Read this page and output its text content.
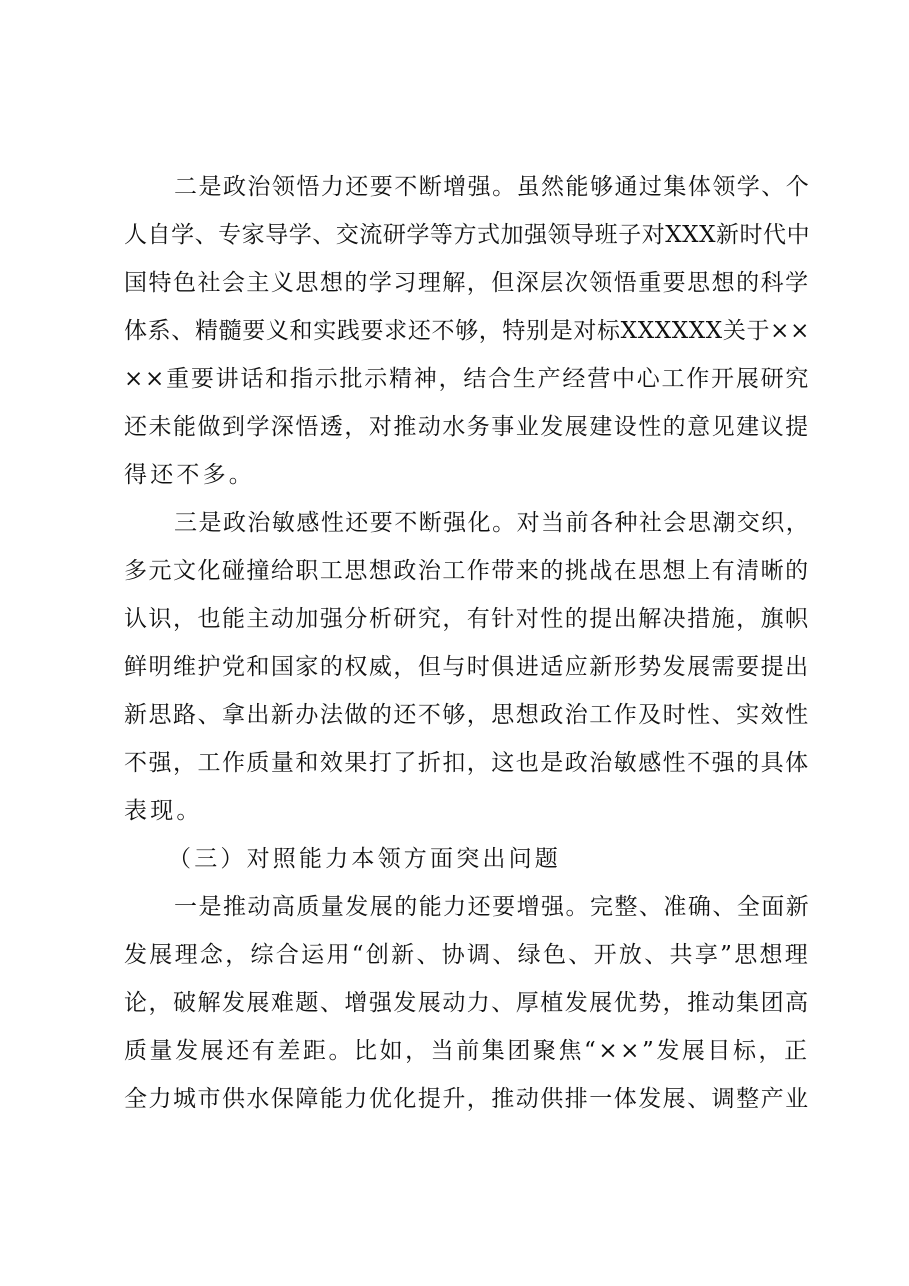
二是政治领悟力还要不断增强。虽然能够通过集体领学、个
人自学、专家导学、交流研学等方式加强领导班子对XXX新时代中
国特色社会主义思想的学习理解，但深层次领悟重要思想的科学
体系、精髓要义和实践要求还不够，特别是对标XXXXXX关于××
××重要讲话和指示批示精神，结合生产经营中心工作开展研究
还未能做到学深悟透，对推动水务事业发展建设性的意见建议提
得还不多。
三是政治敏感性还要不断强化。对当前各种社会思潮交织，
多元文化碰撞给职工思想政治工作带来的挑战在思想上有清晰的
认识，也能主动加强分析研究，有针对性的提出解决措施，旗帜
鲜明维护党和国家的权威，但与时俱进适应新形势发展需要提出
新思路、拿出新办法做的还不够，思想政治工作及时性、实效性
不强，工作质量和效果打了折扣，这也是政治敏感性不强的具体
表现。
（三）对照能力本领方面突出问题
一是推动高质量发展的能力还要增强。完整、准确、全面新
发展理念，综合运用“创新、协调、绿色、开放、共享”思想理
论，破解发展难题、增强发展动力、厚植发展优势，推动集团高
质量发展还有差距。比如，当前集团聚焦“××”发展目标，正
全力城市供水保障能力优化提升，推动供排一体发展、调整产业
